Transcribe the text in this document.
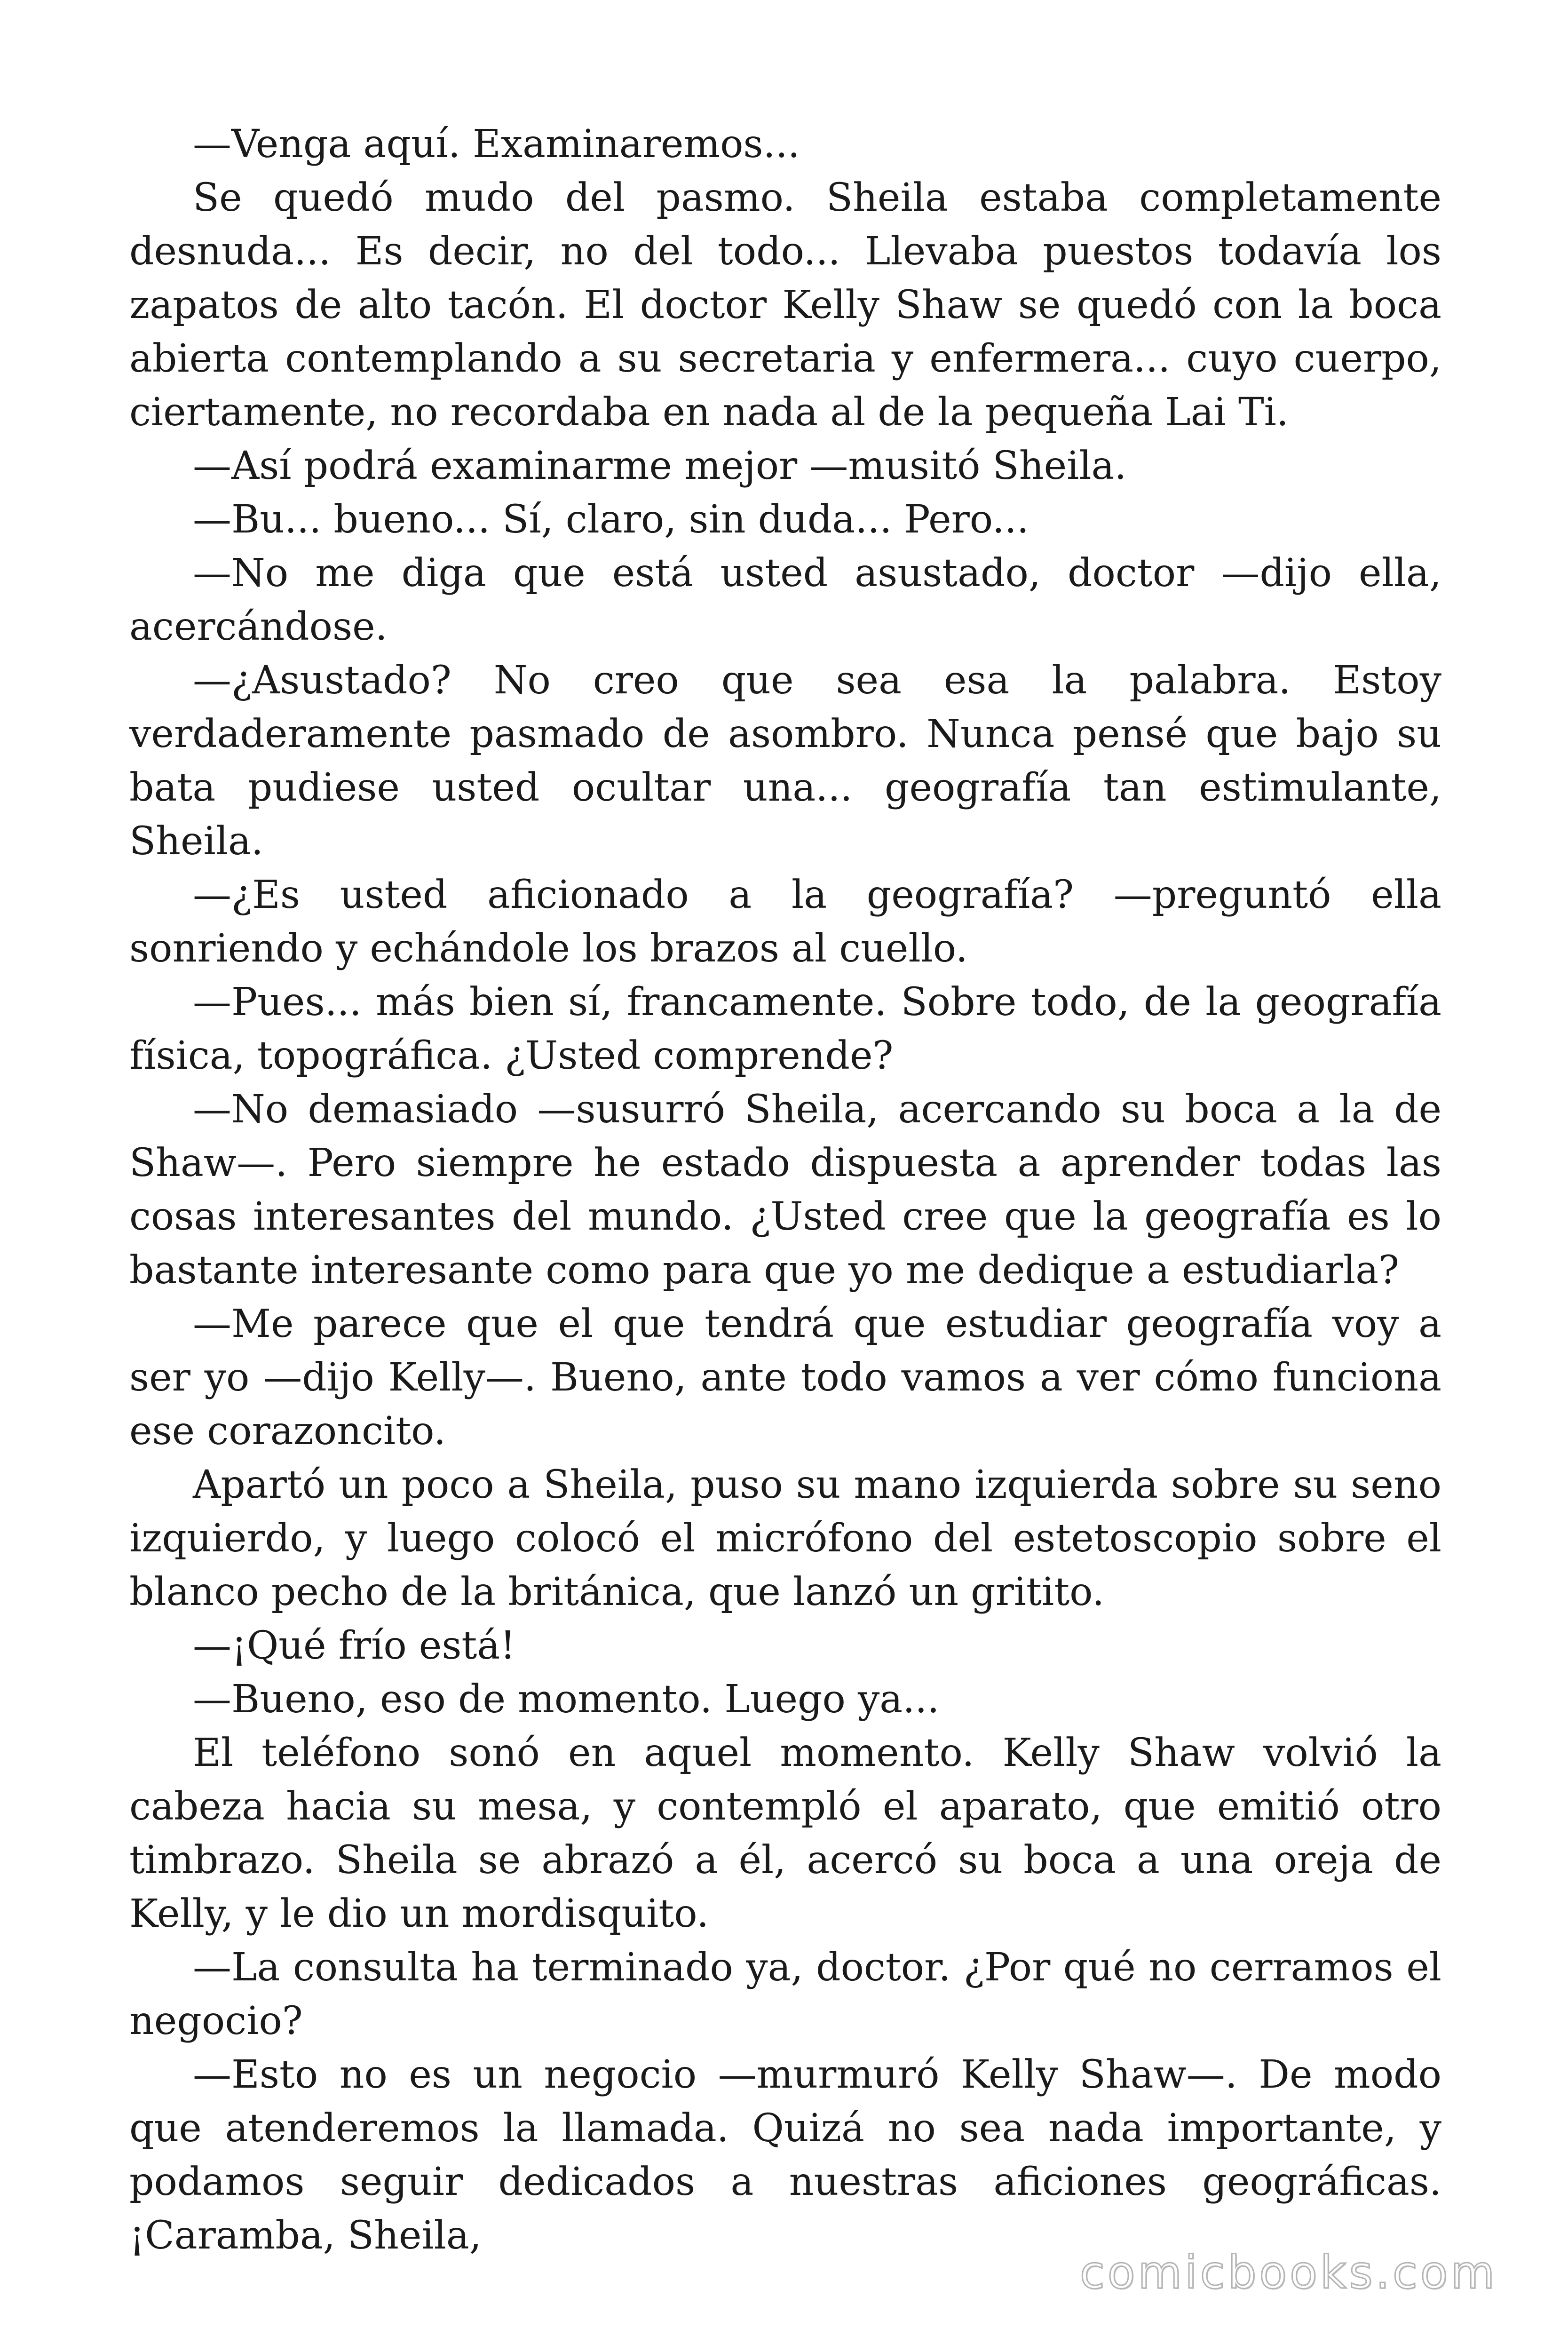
—Venga aquí. Examinaremos...

Se quedó mudo del pasmo. Sheila estaba completamente desnuda... Es decir, no del todo... Llevaba puestos todavía los zapatos de alto tacón. El doctor Kelly Shaw se quedó con la boca abierta contemplando a su secretaria y enfermera... cuyo cuerpo, ciertamente, no recordaba en nada al de la pequeña Lai Ti.

—Así podrá examinarme mejor —musitó Sheila.

—Bu... bueno... Sí, claro, sin duda... Pero...

—No me diga que está usted asustado, doctor —dijo ella, acercándose.

—¿Asustado? No creo que sea esa la palabra. Estoy verdaderamente pasmado de asombro. Nunca pensé que bajo su bata pudiese usted ocultar una... geografía tan estimulante, Sheila.

—¿Es usted aficionado a la geografía? —preguntó ella sonriendo y echándole los brazos al cuello.

—Pues... más bien sí, francamente. Sobre todo, de la geografía física, topográfica. ¿Usted comprende?

—No demasiado —susurró Sheila, acercando su boca a la de Shaw—. Pero siempre he estado dispuesta a aprender todas las cosas interesantes del mundo. ¿Usted cree que la geografía es lo bastante interesante como para que yo me dedique a estudiarla?

—Me parece que el que tendrá que estudiar geografía voy a ser yo —dijo Kelly—. Bueno, ante todo vamos a ver cómo funciona ese corazoncito.

Apartó un poco a Sheila, puso su mano izquierda sobre su seno izquierdo, y luego colocó el micrófono del estetoscopio sobre el blanco pecho de la británica, que lanzó un gritito.

—¡Qué frío está!

—Bueno, eso de momento. Luego ya...

El teléfono sonó en aquel momento. Kelly Shaw volvió la cabeza hacia su mesa, y contempló el aparato, que emitió otro timbrazo. Sheila se abrazó a él, acercó su boca a una oreja de Kelly, y le dio un mordisquito.

—La consulta ha terminado ya, doctor. ¿Por qué no cerramos el negocio?

—Esto no es un negocio —murmuró Kelly Shaw—. De modo que atenderemos la llamada. Quizá no sea nada importante, y podamos seguir dedicados a nuestras aficiones geográficas. ¡Caramba, Sheila,

comicbooks.com
